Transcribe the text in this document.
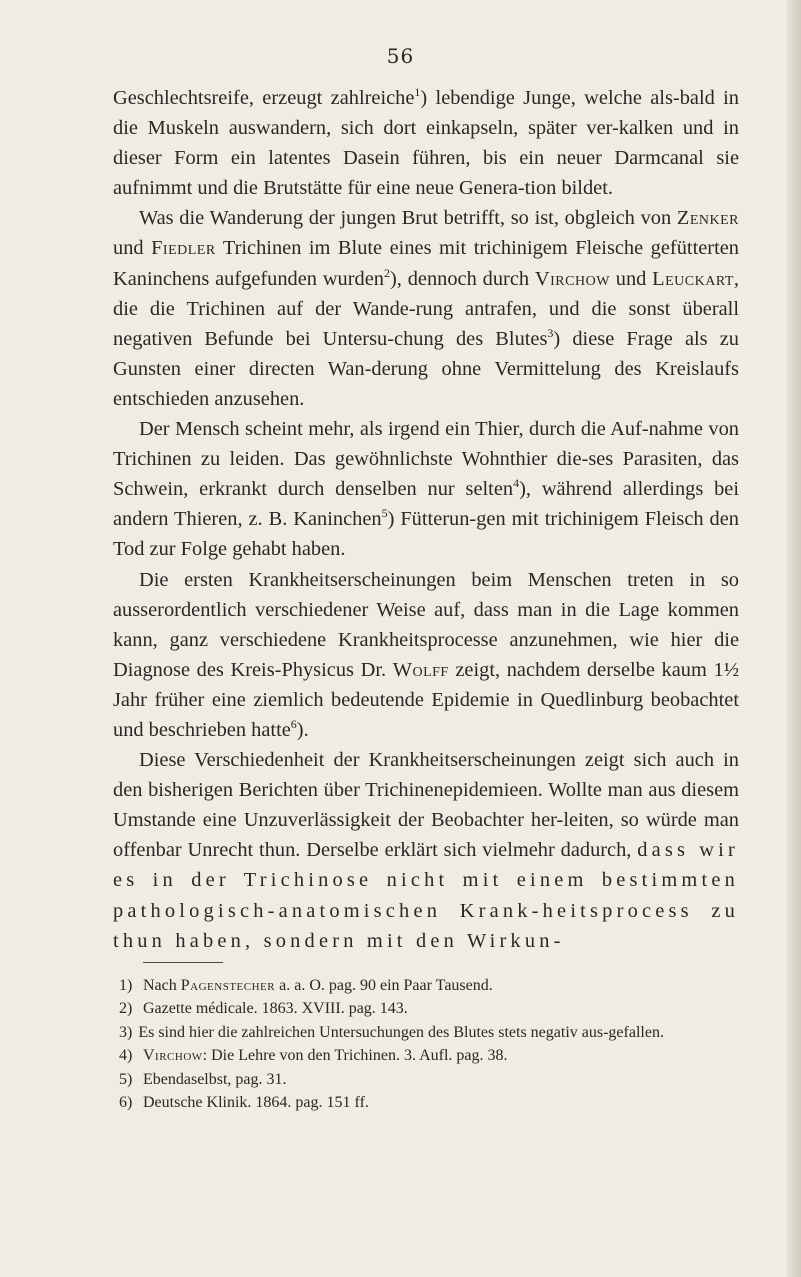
56

Geschlechtsreife, erzeugt zahlreiche$^1$) lebendige Junge, welche als-bald in die Muskeln auswandern, sich dort einkapseln, später ver-kalken und in dieser Form ein latentes Dasein führen, bis ein neuer Darmcanal sie aufnimmt und die Brutstätte für eine neue Genera-tion bildet.

Was die Wanderung der jungen Brut betrifft, so ist, obgleich von Zenker und Fiedler Trichinen im Blute eines mit trichinigem Fleische gefütterten Kaninchens aufgefunden wurden$^2$), dennoch durch Virchow und Leuckart, die die Trichinen auf der Wande-rung antrafen, und die sonst überall negativen Befunde bei Untersu-chung des Blutes$^3$) diese Frage als zu Gunsten einer directen Wan-derung ohne Vermittelung des Kreislaufs entschieden anzusehen.

Der Mensch scheint mehr, als irgend ein Thier, durch die Auf-nahme von Trichinen zu leiden. Das gewöhnlichste Wohnthier die-ses Parasiten, das Schwein, erkrankt durch denselben nur selten$^4$), während allerdings bei andern Thieren, z. B. Kaninchen$^5$) Fütterun-gen mit trichinigem Fleisch den Tod zur Folge gehabt haben.

Die ersten Krankheitserscheinungen beim Menschen treten in so ausserordentlich verschiedener Weise auf, dass man in die Lage kommen kann, ganz verschiedene Krankheitsprocesse anzunehmen, wie hier die Diagnose des Kreis-Physicus Dr. Wolff zeigt, nachdem derselbe kaum 1½ Jahr früher eine ziemlich bedeutende Epidemie in Quedlinburg beobachtet und beschrieben hatte$^6$).

Diese Verschiedenheit der Krankheitserscheinungen zeigt sich auch in den bisherigen Berichten über Trichinenepidemieen. Wollte man aus diesem Umstande eine Unzuverlässigkeit der Beobachter her-leiten, so würde man offenbar Unrecht thun. Derselbe erklärt sich vielmehr dadurch, dass wir es in der Trichinose nicht mit einem bestimmten pathologisch-anatomischen Krank-heitsprocess zu thun haben, sondern mit den Wirkun-

1) Nach Pagenstecher a. a. O. pag. 90 ein Paar Tausend.
2) Gazette médicale. 1863. XVIII. pag. 143.
3) Es sind hier die zahlreichen Untersuchungen des Blutes stets negativ aus-gefallen.
4) Virchow: Die Lehre von den Trichinen. 3. Aufl. pag. 38.
5) Ebendaselbst, pag. 31.
6) Deutsche Klinik. 1864. pag. 151 ff.
